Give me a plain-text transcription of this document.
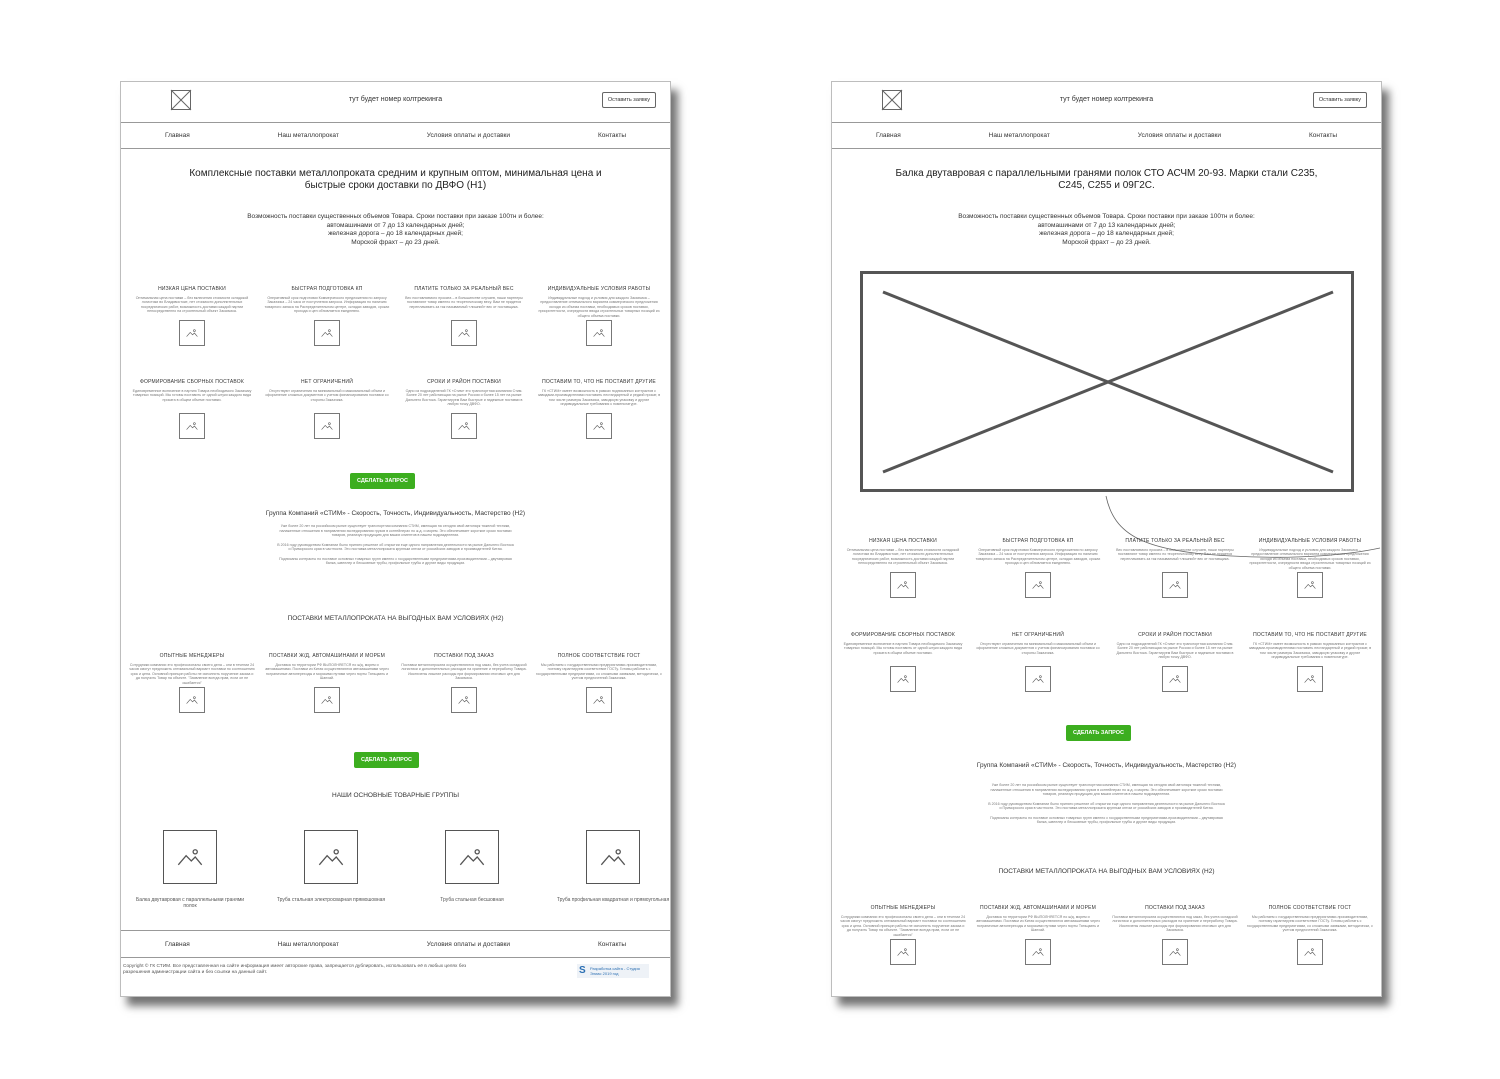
тут будет номер колтрекинга	Оставить заявку
Главная	Наш металлопрокат	Условия оплаты и доставки	Контакты
Комплексные поставки металлопроката средним и крупным оптом, минимальная цена и быстрые сроки доставки по ДВФО (Н1)
Возможность поставки существенных объемов Товара. Сроки поставки при заказе 100тн и более:
автомашинами от 7 до 13 календарных дней;
железная дорога – до 18 календарных дней;
Морской фрахт – до 23 дней.
НИЗКАЯ ЦЕНА ПОСТАВКИ
Оптимальная цена поставки – без включения стоимости складской логистики во Владивостоке, нет стоимости дополнительных посреднических работ, возможность доставки каждой партии непосредственно на строительный объект Заказчика.
БЫСТРАЯ ПОДГОТОВКА КП
Оперативный срок подготовки Коммерческого предложения по запросу Заказчика – 24 часа от поступления запроса. Информация по наличию товарного запаса на Распределительном центре, складах заводов, сроках прохода и цен обновляется ежедневно.
ПЛАТИТЕ ТОЛЬКО ЗА РЕАЛЬНЫЙ ВЕС
Вес поставляемого проката – в большинстве случаев, наши партнеры поставляют товар именно по теоретическому весу. Вам не придется переплачивать за так называемый «лишний» вес от поставщика.
ИНДИВИДУАЛЬНЫЕ УСЛОВИЯ РАБОТЫ
Индивидуальные подход и условия для каждого Заказчика – предоставление оптимального варианта коммерческого предложения исходя из объема поставки, необходимых сроков поставки, приоритетности, очередности ввода строительных товарных позиций из общего объема поставки.
ФОРМИРОВАНИЕ СБОРНЫХ ПОСТАВОК
Единовременное включение в партию Товара необходимого Заказчику товарных позиций. Мы готовы поставить от одной штуки каждого вида проката в общем объеме поставки.
НЕТ ОГРАНИЧЕНИЙ
Отсутствуют ограничения на минимальный и максимальный объем и оформление сложных документов с учетом финансирования поставки со стороны Заказчика.
СРОКИ И РАЙОН ПОСТАВКИ
Одно из подразделений ГК «Стим» это транспортная компания Стим. Более 20 лет работающая на рынке России и более 15 лет на рынке Дальнего Востока. Гарантируем Вам быстрые и надежные поставки в любую точку ДВФО.
ПОСТАВИМ ТО, ЧТО НЕ ПОСТАВИТ ДРУГИЕ
ГК «СТИМ» имеет возможность в рамках подписанных контрактов с заводами-производителями поставить нестандартный и редкий прокат, в том числе размеры Заказчика, заводскую упаковку и другие индивидуальные требования к номенклатуре.
СДЕЛАТЬ ЗАПРОС
Группа Компаний «СТИМ» - Скорость, Точность, Индивидуальность, Мастерство (Н2)

Уже более 20 лет на российском рынке существует транспортная компания СТИМ, имеющая на сегодня свой автопарк тяжелой техники, налаженные отношения в направлении экспедирования грузов в контейнерах по ж.д. и морем. Это обеспечивает короткие сроки поставки товаров, реализуя продукцию для ваших клиентов в нашем подразделении.

В 2016 году руководством Компании было принято решение об открытии еще одного направления деятельности на рынке Дальнего Востока и Приморского края в частности. Это поставка металлопроката крупным оптом от российских заводов и производителей Китая.

Подписаны контракты по поставке основных товарных групп именно с государственными предприятиями-производителями – двутавровая балка, швеллер и бесшовные трубы, профильные трубы и другие виды продукции.

ПОСТАВКИ МЕТАЛЛОПРОКАТА НА ВЫГОДНЫХ ВАМ УСЛОВИЯХ (Н2)
ОПЫТНЫЕ МЕНЕДЖЕРЫ
Сотрудники компании это профессионалы своего дела – они в течении 24 часов смогут предложить оптимальный вариант поставки по соотношению срок и цена. Основной принцип работы не исполнить поручение заказа и да получить Товар на объекте. "Заявление всегда прав, если он не ошибается"
ПОСТАВКИ Ж/Д, АВТОМАШИНАМИ И МОРЕМ
Доставка по территории РФ ВЫПОЛНЯЕТСЯ по ж/д, морем и автомашинами. Поставки из Китая осуществляются автомашинами через пограничные автопереходы и морскими путями через порты Тяньцзинь и Шанхай.
ПОСТАВКИ ПОД ЗАКАЗ
Поставки металлопроката осуществляются под заказ, без учета складской логистики и дополнительных расходов на хранение и переработку Товара. Исключены лишние расходы при формировании итоговых цен для Заказчика.
ПОЛНОЕ СООТВЕТСТВИЕ ГОСТ
Мы работаем с государственными предприятиями-производителями, поэтому гарантируем соответствие ГОСТу. Готовы работать с государственными предприятиями, со сложными заявками, методически, с учетом предпочтений Заказчика.
СДЕЛАТЬ ЗАПРОС
НАШИ ОСНОВНЫЕ ТОВАРНЫЕ ГРУППЫ
Балка двутавровая с параллельными гранями полок
Труба стальная электросварная прямошовная	Труба стальная бесшовная	Труба профильная квадратная и прямоугольная
Главная	Наш металлопрокат	Условия оплаты и доставки	Контакты
Copyright © ГК СТИМ. Все представленная на сайте информация имеет авторские права, запрещается дублировать, использовать её в любых целях без разрешения администрации сайта и без ссылки на данный сайт.	S Разработка сайта - Студия Элиас 2019 год
тут будет номер колтрекинга	Оставить заявку
Главная	Наш металлопрокат	Условия оплаты и доставки	Контакты
Балка двутавровая с параллельными гранями полок СТО АСЧМ 20-93. Марки стали С235, С245, С255 и 09Г2С.
Возможность поставки существенных объемов Товара. Сроки поставки при заказе 100тн и более:
автомашинами от 7 до 13 календарных дней;
железная дорога – до 18 календарных дней;
Морской фрахт – до 23 дней.
НИЗКАЯ ЦЕНА ПОСТАВКИ
Оптимальная цена поставки – без включения стоимости складской логистики во Владивостоке, нет стоимости дополнительных посреднических работ, возможность доставки каждой партии непосредственно на строительный объект Заказчика.
БЫСТРАЯ ПОДГОТОВКА КП
Оперативный срок подготовки Коммерческого предложения по запросу Заказчика – 24 часа от поступления запроса. Информация по наличию товарного запаса на Распределительном центре, складах заводов, сроках прохода и цен обновляется ежедневно.
ПЛАТИТЕ ТОЛЬКО ЗА РЕАЛЬНЫЙ ВЕС
Вес поставляемого проката – в большинстве случаев, наши партнеры поставляют товар именно по теоретическому весу. Вам не придется переплачивать за так называемый «лишний» вес от поставщика.
ИНДИВИДУАЛЬНЫЕ УСЛОВИЯ РАБОТЫ
Индивидуальные подход и условия для каждого Заказчика – предоставление оптимального варианта коммерческого предложения исходя из объема поставки, необходимых сроков поставки, приоритетности, очередности ввода строительных товарных позиций из общего объема поставки.
ФОРМИРОВАНИЕ СБОРНЫХ ПОСТАВОК
Единовременное включение в партию Товара необходимого Заказчику товарных позиций. Мы готовы поставить от одной штуки каждого вида проката в общем объеме поставки.
НЕТ ОГРАНИЧЕНИЙ
Отсутствуют ограничения на минимальный и максимальный объем и оформление сложных документов с учетом финансирования поставки со стороны Заказчика.
СРОКИ И РАЙОН ПОСТАВКИ
Одно из подразделений ГК «Стим» это транспортная компания Стим. Более 20 лет работающая на рынке России и более 15 лет на рынке Дальнего Востока. Гарантируем Вам быстрые и надежные поставки в любую точку ДВФО.
ПОСТАВИМ ТО, ЧТО НЕ ПОСТАВИТ ДРУГИЕ
ГК «СТИМ» имеет возможность в рамках подписанных контрактов с заводами-производителями поставить нестандартный и редкий прокат, в том числе размеры Заказчика, заводскую упаковку и другие индивидуальные требования к номенклатуре.
СДЕЛАТЬ ЗАПРОС
Группа Компаний «СТИМ» - Скорость, Точность, Индивидуальность, Мастерство (Н2)

Уже более 20 лет на российском рынке существует транспортная компания СТИМ, имеющая на сегодня свой автопарк тяжелой техники, налаженные отношения в направлении экспедирования грузов в контейнерах по ж.д. и морем. Это обеспечивает короткие сроки поставки товаров, реализуя продукцию для ваших клиентов в нашем подразделении.

В 2016 году руководством Компании было принято решение об открытии еще одного направления деятельности на рынке Дальнего Востока и Приморского края в частности. Это поставка металлопроката крупным оптом от российских заводов и производителей Китая.

Подписаны контракты по поставке основных товарных групп именно с государственными предприятиями-производителями – двутавровая балка, швеллер и бесшовные трубы, профильные трубы и другие виды продукции.

ПОСТАВКИ МЕТАЛЛОПРОКАТА НА ВЫГОДНЫХ ВАМ УСЛОВИЯХ (Н2)
ОПЫТНЫЕ МЕНЕДЖЕРЫ
Сотрудники компании это профессионалы своего дела – они в течении 24 часов смогут предложить оптимальный вариант поставки по соотношению срок и цена. Основной принцип работы не исполнить поручение заказа и да получить Товар на объекте. "Заявление всегда прав, если он не ошибается"
ПОСТАВКИ Ж/Д, АВТОМАШИНАМИ И МОРЕМ
Доставка по территории РФ ВЫПОЛНЯЕТСЯ по ж/д, морем и автомашинами. Поставки из Китая осуществляются автомашинами через пограничные автопереходы и морскими путями через порты Тяньцзинь и Шанхай.
ПОСТАВКИ ПОД ЗАКАЗ
Поставки металлопроката осуществляются под заказ, без учета складской логистики и дополнительных расходов на хранение и переработку Товара. Исключены лишние расходы при формировании итоговых цен для Заказчика.
ПОЛНОЕ СООТВЕТСТВИЕ ГОСТ
Мы работаем с государственными предприятиями-производителями, поэтому гарантируем соответствие ГОСТу. Готовы работать с государственными предприятиями, со сложными заявками, методически, с учетом предпочтений Заказчика.
